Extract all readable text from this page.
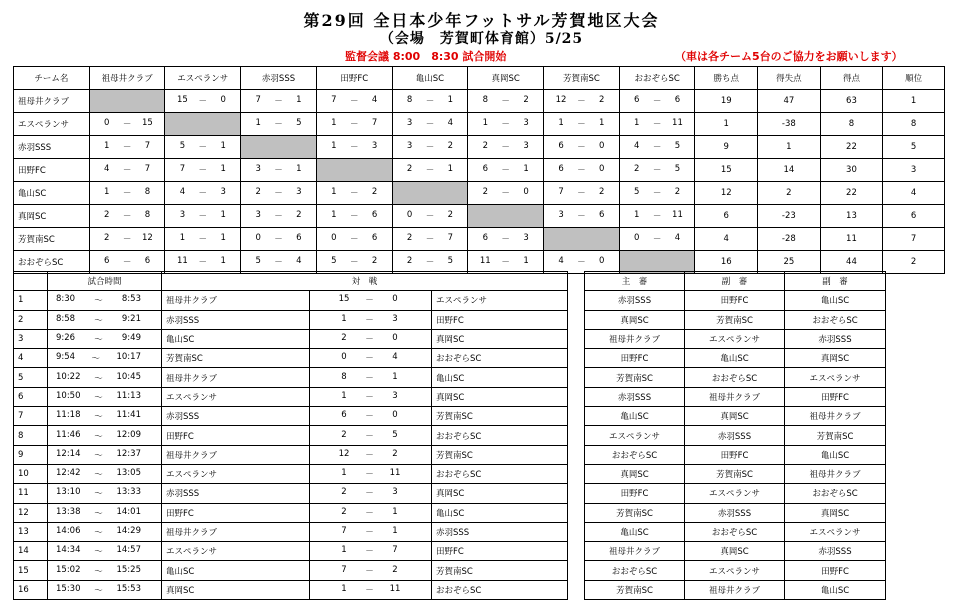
第29回 全日本少年フットサル芳賀地区大会
（会場　芳賀町体育館）5/25
監督会議 8:00　8:30 試合開始	（車は各チーム5台のご協力をお願いします）
チーム名	祖母井クラブ	エスペランサ	赤羽SSS	田野FC	亀山SC	真岡SC	芳賀南SC	おおぞらSC	勝ち点	得失点	得点	順位
祖母井クラブ		15 － 0	7 － 1	7 － 4	8 － 1	8 － 2	12 － 2	6 － 6	19	47	63	1
エスペランサ	0 － 15		1 － 5	1 － 7	3 － 4	1 － 3	1 － 1	1 － 11	1	-38	8	8
赤羽SSS	1 － 7	5 － 1		1 － 3	3 － 2	2 － 3	6 － 0	4 － 5	9	1	22	5
田野FC	4 － 7	7 － 1	3 － 1		2 － 1	6 － 1	6 － 0	2 － 5	15	14	30	3
亀山SC	1 － 8	4 － 3	2 － 3	1 － 2		2 － 0	7 － 2	5 － 2	12	2	22	4
真岡SC	2 － 8	3 － 1	3 － 2	1 － 6	0 － 2		3 － 6	1 － 11	6	-23	13	6
芳賀南SC	2 － 12	1 － 1	0 － 6	0 － 6	2 － 7	6 － 3		0 － 4	4	-28	11	7
おおぞらSC	6 － 6	11 － 1	5 － 4	5 － 2	2 － 5	11 － 1	4 － 0		16	25	44	2
	試合時間	対　戦		
1	8:30 ～ 8:53	祖母井クラブ	15 － 0	エスペランサ
2	8:58 ～ 9:21	赤羽SSS	1 － 3	田野FC
3	9:26 ～ 9:49	亀山SC	2 － 0	真岡SC
4	9:54 ～ 10:17	芳賀南SC	0 － 4	おおぞらSC
5	10:22 ～ 10:45	祖母井クラブ	8 － 1	亀山SC
6	10:50 ～ 11:13	エスペランサ	1 － 3	真岡SC
7	11:18 ～ 11:41	赤羽SSS	6 － 0	芳賀南SC
8	11:46 ～ 12:09	田野FC	2 － 5	おおぞらSC
9	12:14 ～ 12:37	祖母井クラブ	12 － 2	芳賀南SC
10	12:42 ～ 13:05	エスペランサ	1 － 11	おおぞらSC
11	13:10 ～ 13:33	赤羽SSS	2 － 3	真岡SC
12	13:38 ～ 14:01	田野FC	2 － 1	亀山SC
13	14:06 ～ 14:29	祖母井クラブ	7 － 1	赤羽SSS
14	14:34 ～ 14:57	エスペランサ	1 － 7	田野FC
15	15:02 ～ 15:25	亀山SC	7 － 2	芳賀南SC
16	15:30 ～ 15:53	真岡SC	1 － 11	おおぞらSC
主　審	副　審	副　審
赤羽SSS	田野FC	亀山SC
真岡SC	芳賀南SC	おおぞらSC
祖母井クラブ	エスペランサ	赤羽SSS
田野FC	亀山SC	真岡SC
芳賀南SC	おおぞらSC	エスペランサ
赤羽SSS	祖母井クラブ	田野FC
亀山SC	真岡SC	祖母井クラブ
エスペランサ	赤羽SSS	芳賀南SC
おおぞらSC	田野FC	亀山SC
真岡SC	芳賀南SC	祖母井クラブ
田野FC	エスペランサ	おおぞらSC
芳賀南SC	赤羽SSS	真岡SC
亀山SC	おおぞらSC	エスペランサ
祖母井クラブ	真岡SC	赤羽SSS
おおぞらSC	エスペランサ	田野FC
芳賀南SC	祖母井クラブ	亀山SC
